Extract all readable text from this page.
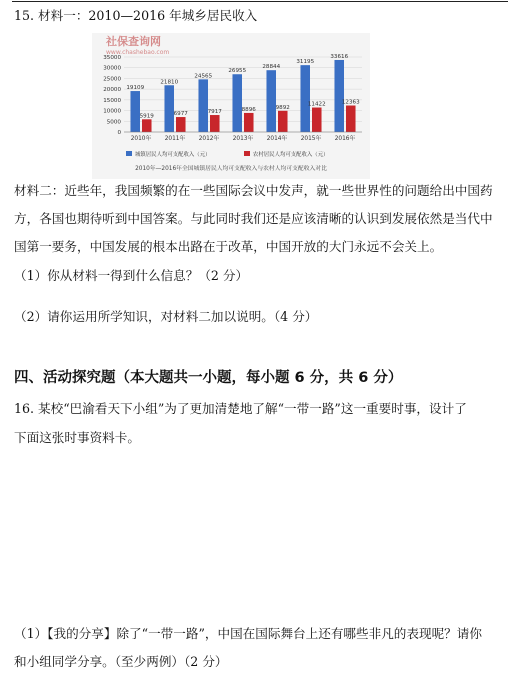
15. 材料一：2010—2016 年城乡居民收入

社保查询网
www.chashebao.com
19109
5919
21810
6977
24565
7917
26955
8896
28844
9892
31195
11422
33616
12363
35000
30000
25000
20000
15000
10000
5000
0
2010年 2011年 2012年 2013年 2014年 2015年 2016年
城镇居民人均可支配收入（元）	农村居民人均可支配收入（元）
2010年—2016年全国城镇居民人均可支配收入与农村人均可支配收入对比

材料二：近些年，我国频繁的在一些国际会议中发声，就一些世界性的问题给出中国药

方，各国也期待听到中国答案。与此同时我们还是应该清晰的认识到发展依然是当代中

国第一要务，中国发展的根本出路在于改革，中国开放的大门永远不会关上。

（1）你从材料一得到什么信息？（2 分）

（2）请你运用所学知识，对材料二加以说明。（4 分）

四、活动探究题（本大题共一小题，每小题 6 分，共 6 分）

16. 某校“巴渝看天下小组”为了更加清楚地了解“一带一路”这一重要时事，设计了

下面这张时事资料卡。

（1）【我的分享】除了“一带一路”，中国在国际舞台上还有哪些非凡的表现呢？请你

和小组同学分享。（至少两例）（2 分）
